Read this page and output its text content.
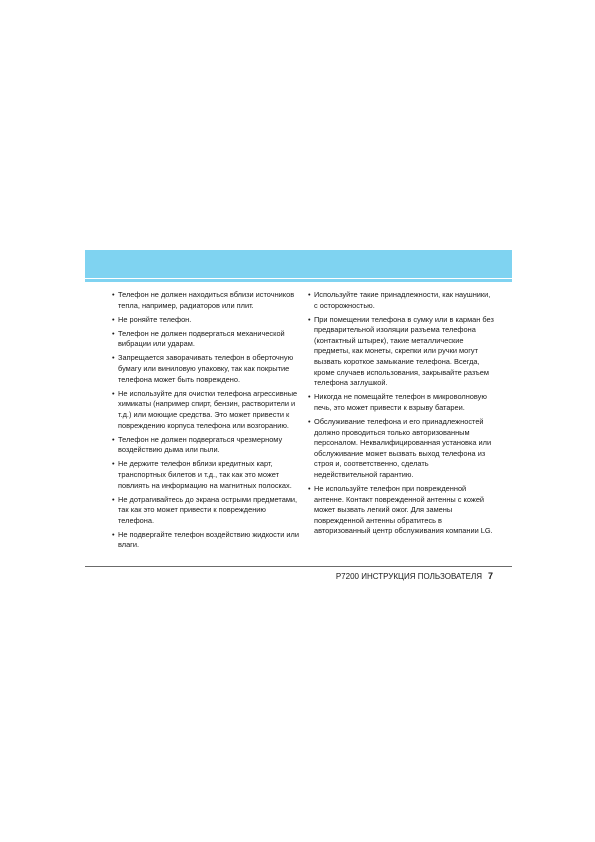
• Телефон не должен находиться вблизи источников тепла, например, радиаторов или плит.
• Не роняйте телефон.
• Телефон не должен подвергаться механической вибрации или ударам.
• Запрещается заворачивать телефон в оберточную бумагу или виниловую упаковку, так как покрытие телефона может быть повреждено.
• Не используйте для очистки телефона агрессивные химикаты (например спирт, бензин, растворители и т.д.) или моющие средства. Это может привести к повреждению корпуса телефона или возгоранию.
• Телефон не должен подвергаться чрезмерному воздействию дыма или пыли.
• Не держите телефон вблизи кредитных карт, транспортных билетов и т.д., так как это может повлиять на информацию на магнитных полосках.
• Не дотрагивайтесь до экрана острыми предметами, так как это может привести к повреждению телефона.
• Не подвергайте телефон воздействию жидкости или влаги.
• Используйте такие принадлежности, как наушники, с осторожностью.
• При помещении телефона в сумку или в карман без предварительной изоляции разъема телефона (контактный штырек), такие металлические предметы, как монеты, скрепки или ручки могут вызвать короткое замыкание телефона. Всегда, кроме случаев использования, закрывайте разъем телефона заглушкой.
• Никогда не помещайте телефон в микроволновую печь, это может привести к взрыву батареи.
• Обслуживание телефона и его принадлежностей должно проводиться только авторизованным персоналом. Неквалифицированная установка или обслуживание может вызвать выход телефона из строя и, соответственно, сделать недействительной гарантию.
• Не используйте телефон при поврежденной антенне. Контакт поврежденной антенны с кожей может вызвать легкий ожог. Для замены поврежденной антенны обратитесь в авторизованный центр обслуживания компании LG.
P7200 ИНСТРУКЦИЯ ПОЛЬЗОВАТЕЛЯ 7
